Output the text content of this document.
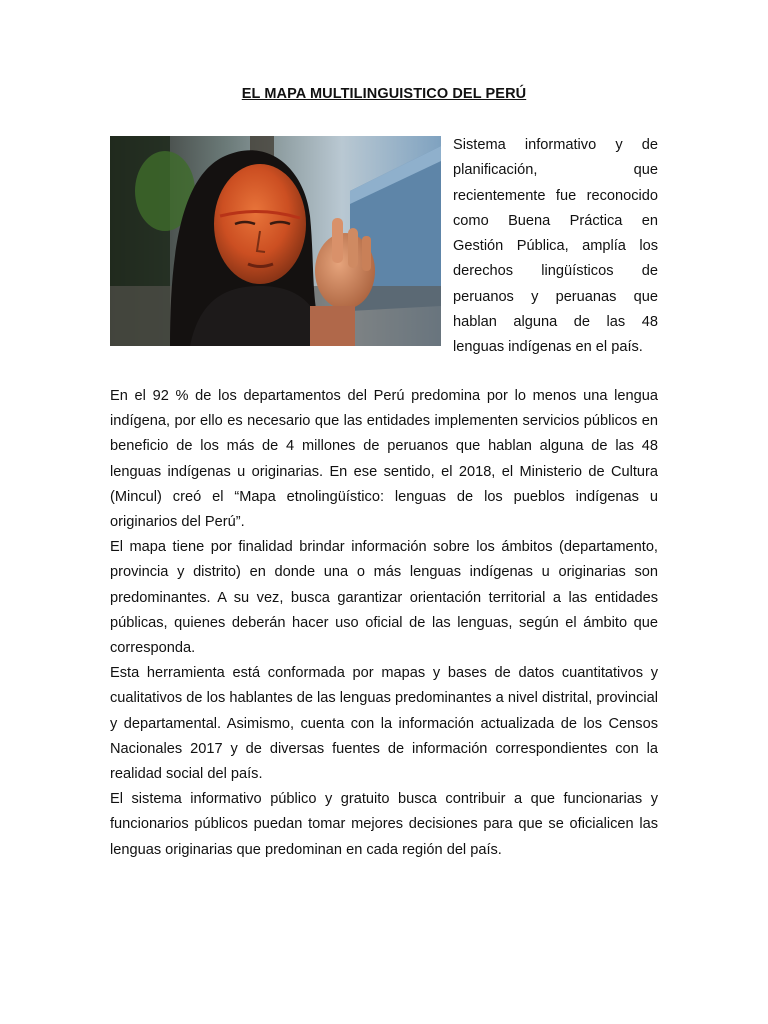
EL MAPA MULTILINGUISTICO DEL PERÚ
Sistema informativo y de
planificación, que
recientemente fue reconocido
como Buena Práctica en
Gestión Pública, amplía los
derechos lingüísticos de
peruanos y peruanas que
hablan alguna de las 48
lenguas indígenas en el país.

En el 92 % de los departamentos del Perú predomina por lo menos una lengua indígena, por ello es necesario que las entidades implementen servicios públicos en beneficio de los más de 4 millones de peruanos que hablan alguna de las 48 lenguas indígenas u originarias. En ese sentido, el 2018, el Ministerio de Cultura (Mincul) creó el “Mapa etnolingüístico: lenguas de los pueblos indígenas u originarios del Perú”.

El mapa tiene por finalidad brindar información sobre los ámbitos (departamento, provincia y distrito) en donde una o más lenguas indígenas u originarias son predominantes. A su vez, busca garantizar orientación territorial a las entidades públicas, quienes deberán hacer uso oficial de las lenguas, según el ámbito que corresponda.

Esta herramienta está conformada por mapas y bases de datos cuantitativos y cualitativos de los hablantes de las lenguas predominantes a nivel distrital, provincial y departamental. Asimismo, cuenta con la información actualizada de los Censos Nacionales 2017 y de diversas fuentes de información correspondientes con la realidad social del país.

El sistema informativo público y gratuito busca contribuir a que funcionarias y funcionarios públicos puedan tomar mejores decisiones para que se oficialicen las lenguas originarias que predominan en cada región del país.
